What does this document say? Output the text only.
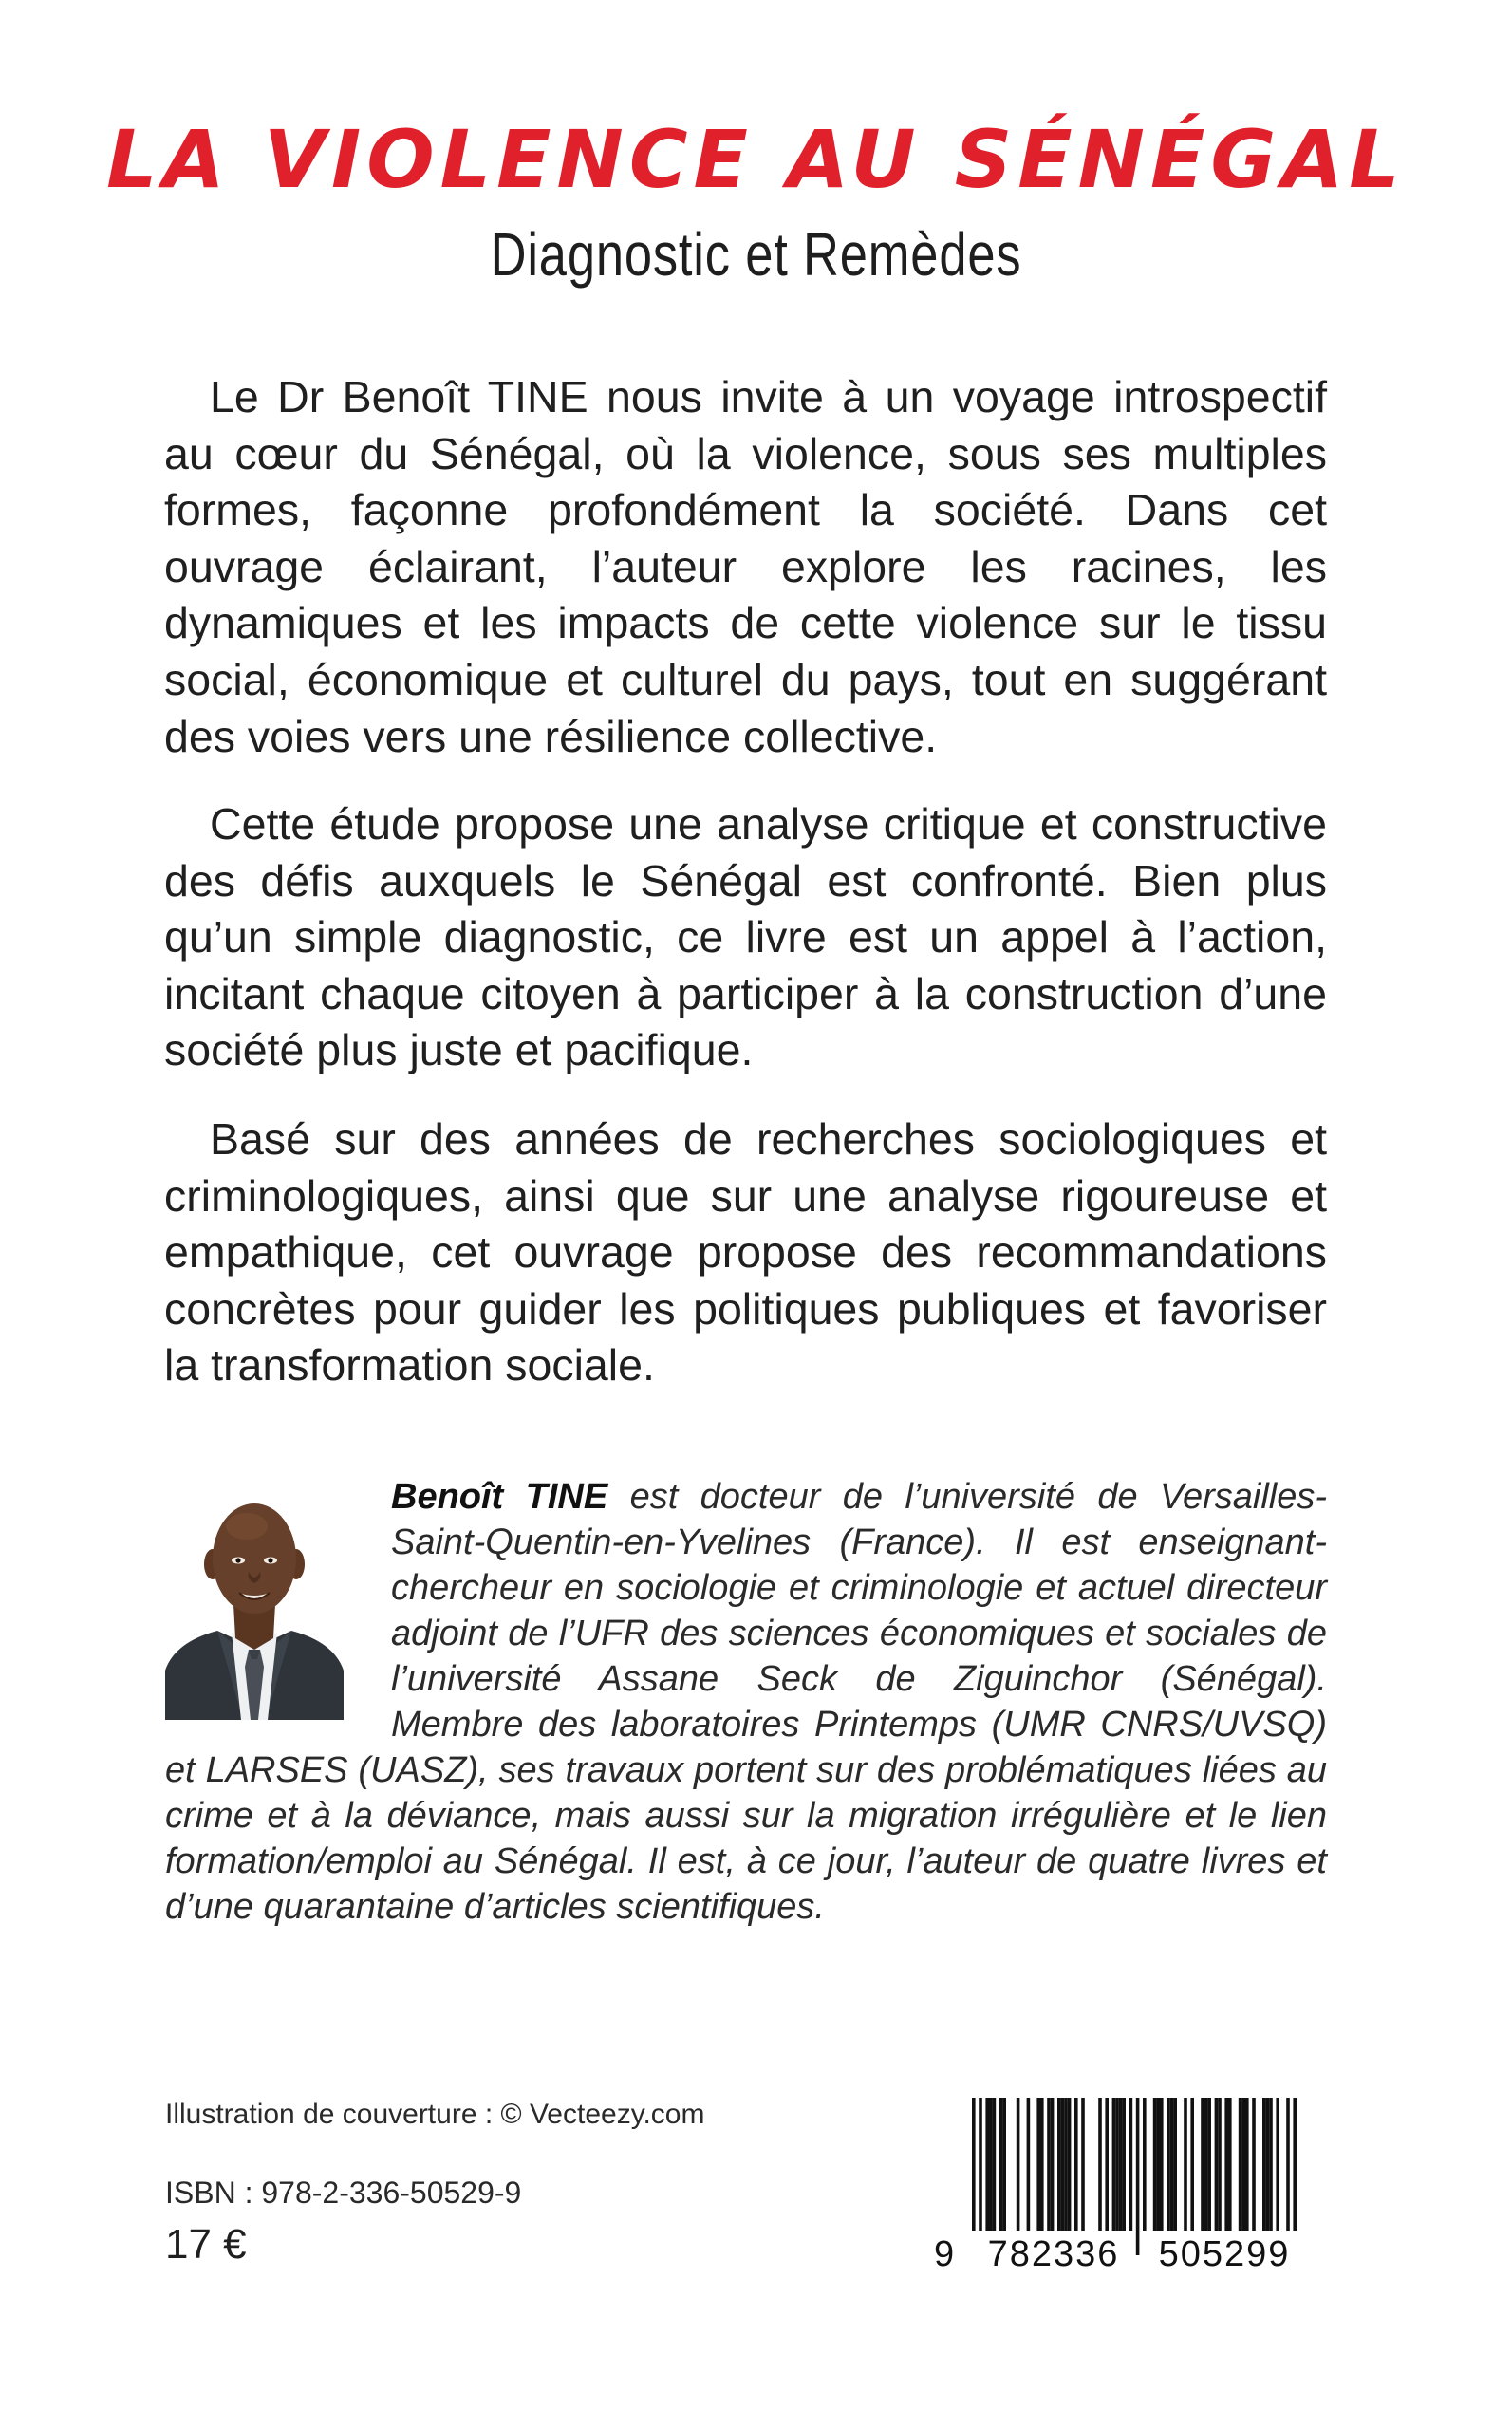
LA VIOLENCE AU SÉNÉGAL
Diagnostic et Remèdes

Le Dr Benoît TINE nous invite à un voyage introspectif au cœur du Sénégal, où la violence, sous ses multiples formes, façonne profondément la société. Dans cet ouvrage éclairant, l’auteur explore les racines, les dynamiques et les impacts de cette violence sur le tissu social, économique et culturel du pays, tout en suggérant des voies vers une résilience collective.

Cette étude propose une analyse critique et constructive des défis auxquels le Sénégal est confronté. Bien plus qu’un simple diagnostic, ce livre est un appel à l’action, incitant chaque citoyen à participer à la construction d’une société plus juste et pacifique.

Basé sur des années de recherches sociologiques et criminologiques, ainsi que sur une analyse rigoureuse et empathique, cet ouvrage propose des recommandations concrètes pour guider les politiques publiques et favoriser la transformation sociale.

Benoît TINE est docteur de l’université de Versailles-Saint-Quentin-en-Yvelines (France). Il est enseignant-chercheur en sociologie et criminologie et actuel directeur adjoint de l’UFR des sciences économiques et sociales de l’université Assane Seck de Ziguinchor (Sénégal). Membre des laboratoires Printemps (UMR CNRS/UVSQ) et LARSES (UASZ), ses travaux portent sur des problématiques liées au crime et à la déviance, mais aussi sur la migration irrégulière et le lien formation/emploi au Sénégal. Il est, à ce jour, l’auteur de quatre livres et d’une quarantaine d’articles scientifiques.

Illustration de couverture : © Vecteezy.com
ISBN : 978-2-336-50529-9
17 €	9 782336	505299
